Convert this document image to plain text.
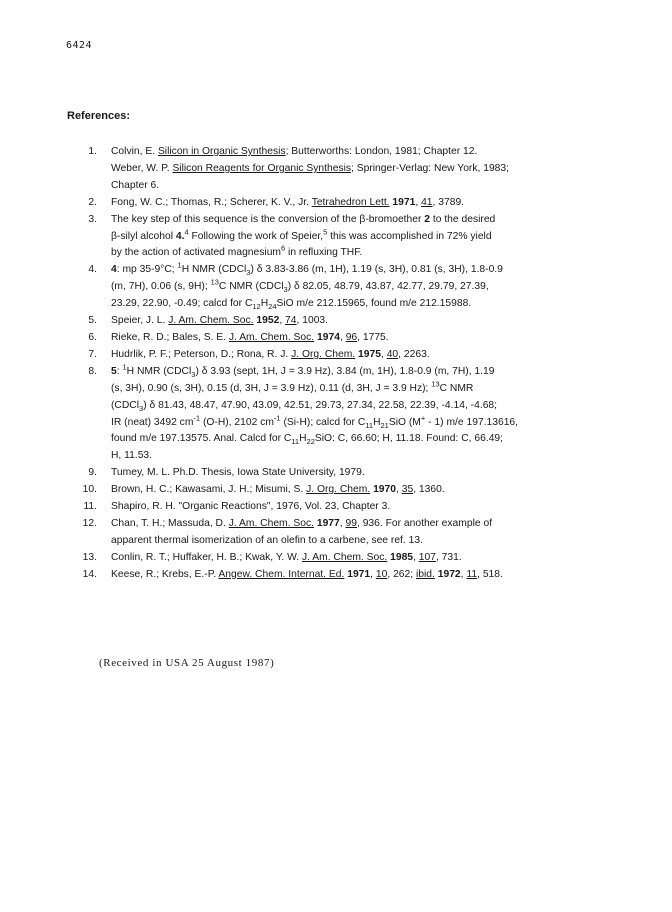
6424
References:
1. Colvin, E. Silicon in Organic Synthesis; Butterworths: London, 1981; Chapter 12.
Weber, W. P. Silicon Reagents for Organic Synthesis; Springer-Verlag: New York, 1983;
Chapter 6.
2. Fong, W. C.; Thomas, R.; Scherer, K. V., Jr. Tetrahedron Lett. 1971, 41, 3789.
3. The key step of this sequence is the conversion of the β-bromoether 2 to the desired
β-silyl alcohol 4.$^4$ Following the work of Speier,$^5$ this was accomplished in 72% yield
by the action of activated magnesium$^6$ in refluxing THF.
4. 4: mp 35-9°C; $^1$H NMR (CDCl$_3$) δ 3.83-3.86 (m, 1H), 1.19 (s, 3H), 0.81 (s, 3H), 1.8-0.9
(m, 7H), 0.06 (s, 9H); $^{13}$C NMR (CDCl$_3$) δ 82.05, 48.79, 43.87, 42.77, 29.79, 27.39,
23.29, 22.90, -0.49; calcd for $C_{12}H_{24}SiO$ m/e 212.15965, found m/e 212.15988.
5. Speier, J. L. J. Am. Chem. Soc. 1952, 74, 1003.
6. Rieke, R. D.; Bales, S. E. J. Am. Chem. Soc. 1974, 96, 1775.
7. Hudrlik, P. F.; Peterson, D.; Rona, R. J. J. Org. Chem. 1975, 40, 2263.
8. 5: $^1$H NMR (CDCl$_3$) δ 3.93 (sept, 1H, J = 3.9 Hz), 3.84 (m, 1H), 1.8-0.9 (m, 7H), 1.19
(s, 3H), 0.90 (s, 3H), 0.15 (d, 3H, J = 3.9 Hz), 0.11 (d, 3H, J = 3.9 Hz); $^{13}$C NMR
(CDCl$_3$) δ 81.43, 48.47, 47.90, 43.09, 42.51, 29.73, 27.34, 22.58, 22.39, -4.14, -4.68;
IR (neat) 3492 $cm^{-1}$ (O-H), 2102 $cm^{-1}$ (Si-H); calcd for $C_{11}H_{21}SiO$ (M+ - 1) m/e 197.13616,
found m/e 197.13575. Anal. Calcd for $C_{11}H_{22}SiO$: C, 66.60; H, 11.18. Found: C, 66.49;
H, 11.53.
9. Tumey, M. L. Ph.D. Thesis, Iowa State University, 1979.
10. Brown, H. C.; Kawasami, J. H.; Misumi, S. J. Org. Chem. 1970, 35, 1360.
11. Shapiro, R. H. "Organic Reactions", 1976, Vol. 23, Chapter 3.
12. Chan, T. H.; Massuda, D. J. Am. Chem. Soc. 1977, 99, 936. For another example of
apparent thermal isomerization of an olefin to a carbene, see ref. 13.
13. Conlin, R. T.; Huffaker, H. B.; Kwak, Y. W. J. Am. Chem. Soc. 1985, 107, 731.
14. Keese, R.; Krebs, E.-P. Angew. Chem. Internat. Ed. 1971, 10, 262; ibid. 1972, 11, 518.
(Received in USA 25 August 1987)
